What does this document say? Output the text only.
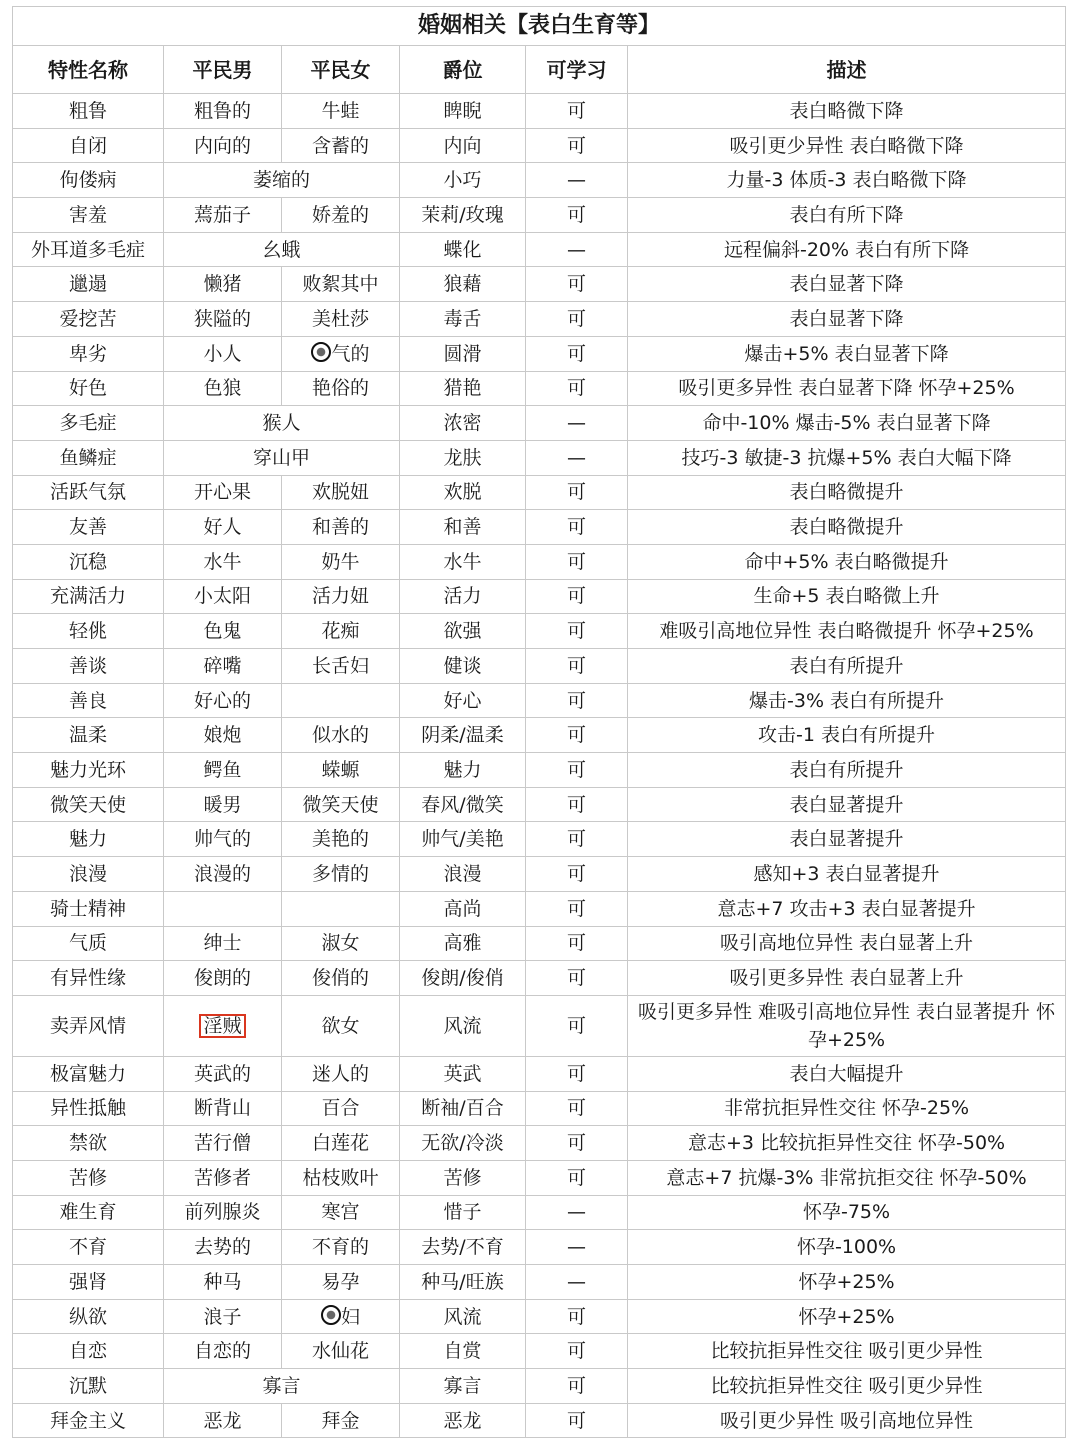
婚姻相关【表白生育等】					
特性名称	平民男	平民女	爵位	可学习	描述
粗鲁	粗鲁的	牛蛙	睥睨	可	表白略微下降
自闭	内向的	含蓄的	内向	可	吸引更少异性 表白略微下降
佝偻病	萎缩的		小巧	—	力量-3 体质-3 表白略微下降
害羞	蔫茄子	娇羞的	茉莉/玫瑰	可	表白有所下降
外耳道多毛症	幺蛾		蝶化	—	远程偏斜-20% 表白有所下降
邋遢	懒猪	败絮其中	狼藉	可	表白显著下降
爱挖苦	狭隘的	美杜莎	毒舌	可	表白显著下降
卑劣	小人	气的	圆滑	可	爆击+5% 表白显著下降
好色	色狼	艳俗的	猎艳	可	吸引更多异性 表白显著下降 怀孕+25%
多毛症	猴人		浓密	—	命中-10% 爆击-5% 表白显著下降
鱼鳞症	穿山甲		龙肤	—	技巧-3 敏捷-3 抗爆+5% 表白大幅下降
活跃气氛	开心果	欢脱妞	欢脱	可	表白略微提升
友善	好人	和善的	和善	可	表白略微提升
沉稳	水牛	奶牛	水牛	可	命中+5% 表白略微提升
充满活力	小太阳	活力妞	活力	可	生命+5 表白略微上升
轻佻	色鬼	花痴	欲强	可	难吸引高地位异性 表白略微提升 怀孕+25%
善谈	碎嘴	长舌妇	健谈	可	表白有所提升
善良	好心的		好心	可	爆击-3% 表白有所提升
温柔	娘炮	似水的	阴柔/温柔	可	攻击-1 表白有所提升
魅力光环	鳄鱼	蝾螈	魅力	可	表白有所提升
微笑天使	暖男	微笑天使	春风/微笑	可	表白显著提升
魅力	帅气的	美艳的	帅气/美艳	可	表白显著提升
浪漫	浪漫的	多情的	浪漫	可	感知+3 表白显著提升
骑士精神			高尚	可	意志+7 攻击+3 表白显著提升
气质	绅士	淑女	高雅	可	吸引高地位异性 表白显著上升
有异性缘	俊朗的	俊俏的	俊朗/俊俏	可	吸引更多异性 表白显著上升
卖弄风情	淫贼	欲女	风流	可	吸引更多异性 难吸引高地位异性 表白显著提升 怀孕+25%
极富魅力	英武的	迷人的	英武	可	表白大幅提升
异性抵触	断背山	百合	断袖/百合	可	非常抗拒异性交往 怀孕-25%
禁欲	苦行僧	白莲花	无欲/冷淡	可	意志+3 比较抗拒异性交往 怀孕-50%
苦修	苦修者	枯枝败叶	苦修	可	意志+7 抗爆-3% 非常抗拒交往 怀孕-50%
难生育	前列腺炎	寒宫	惜子	—	怀孕-75%
不育	去势的	不育的	去势/不育	—	怀孕-100%
强肾	种马	易孕	种马/旺族	—	怀孕+25%
纵欲	浪子	妇	风流	可	怀孕+25%
自恋	自恋的	水仙花	自赏	可	比较抗拒异性交往 吸引更少异性
沉默	寡言		寡言	可	比较抗拒异性交往 吸引更少异性
拜金主义	恶龙	拜金	恶龙	可	吸引更少异性 吸引高地位异性
